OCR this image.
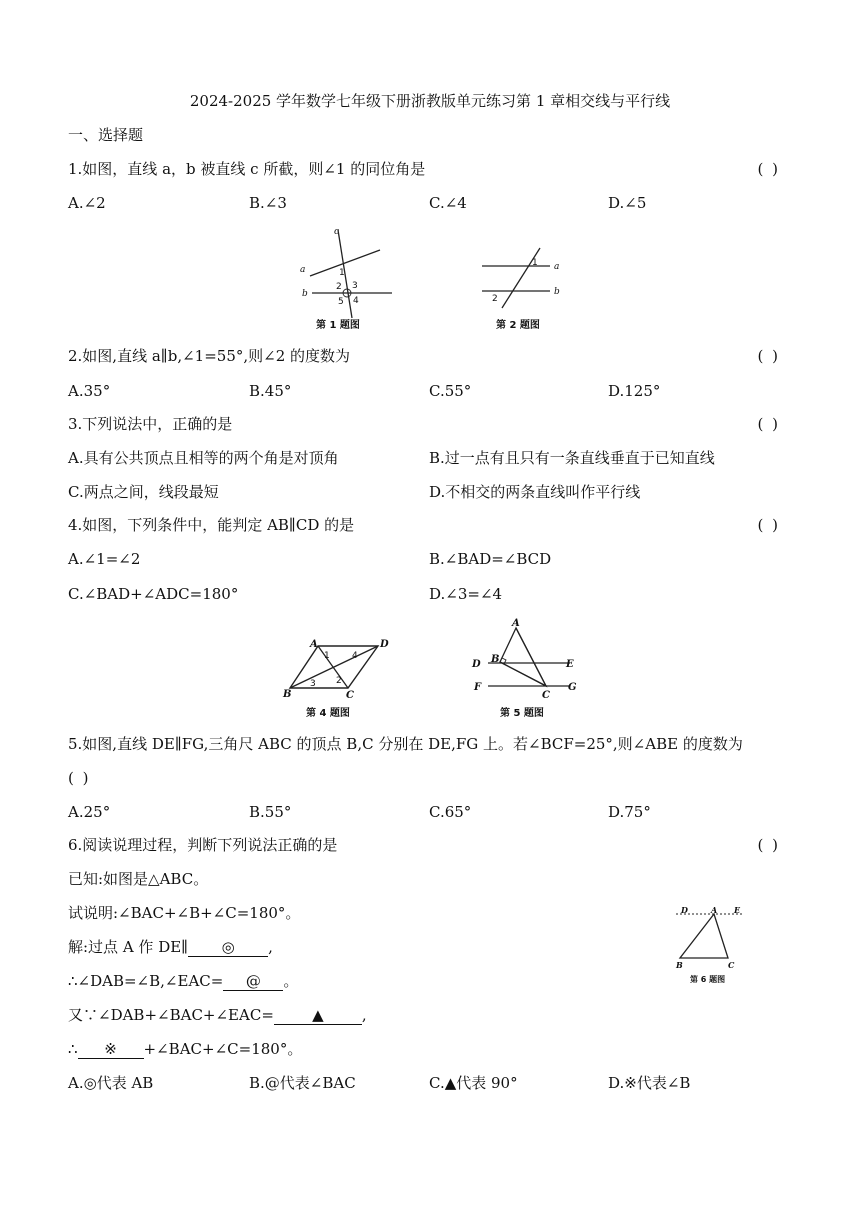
2024-2025 学年数学七年级下册浙教版单元练习第 1 章相交线与平行线
一、选择题
1.如图，直线 a，b 被直线 c 所截，则∠1 的同位角是	( )
A.∠2	B.∠3	C.∠4	D.∠5
c
a
b
1
2 3
5 4
第 1 题图
1
2
a
b
第 2 题图
2.如图,直线 a∥b,∠1=55°,则∠2 的度数为	( )
A.35°	B.45°	C.55°	D.125°
3.下列说法中，正确的是	( )
A.具有公共顶点且相等的两个角是对顶角	B.过一点有且只有一条直线垂直于已知直线
C.两点之间，线段最短	D.不相交的两条直线叫作平行线
4.如图，下列条件中，能判定 AB∥CD 的是	( )
A.∠1=∠2	B.∠BAD=∠BCD
C.∠BAD+∠ADC=180°	D.∠3=∠4
A	D
B	C
1 4
3 2
第 4 题图
A
D B	E
F
C
G
第 5 题图
5.如图,直线 DE∥FG,三角尺 ABC 的顶点 B,C 分别在 DE,FG 上。若∠BCF=25°,则∠ABE 的度数为
( )
A.25°	B.55°	C.65°	D.75°
6.阅读说理过程，判断下列说法正确的是	( )
已知:如图是△ABC。
试说明:∠BAC+∠B+∠C=180°。
解:过点 A 作 DE∥ ◎ ,
∴∠DAB=∠B,∠EAC= @ 。
又∵∠DAB+∠BAC+∠EAC=	▲	,
∴ ※ +∠BAC+∠C=180°。
A.◎代表 AB	B.@代表∠BAC	C.▲代表 90°	D.※代表∠B
D	A E
B	C
第 6 题图
